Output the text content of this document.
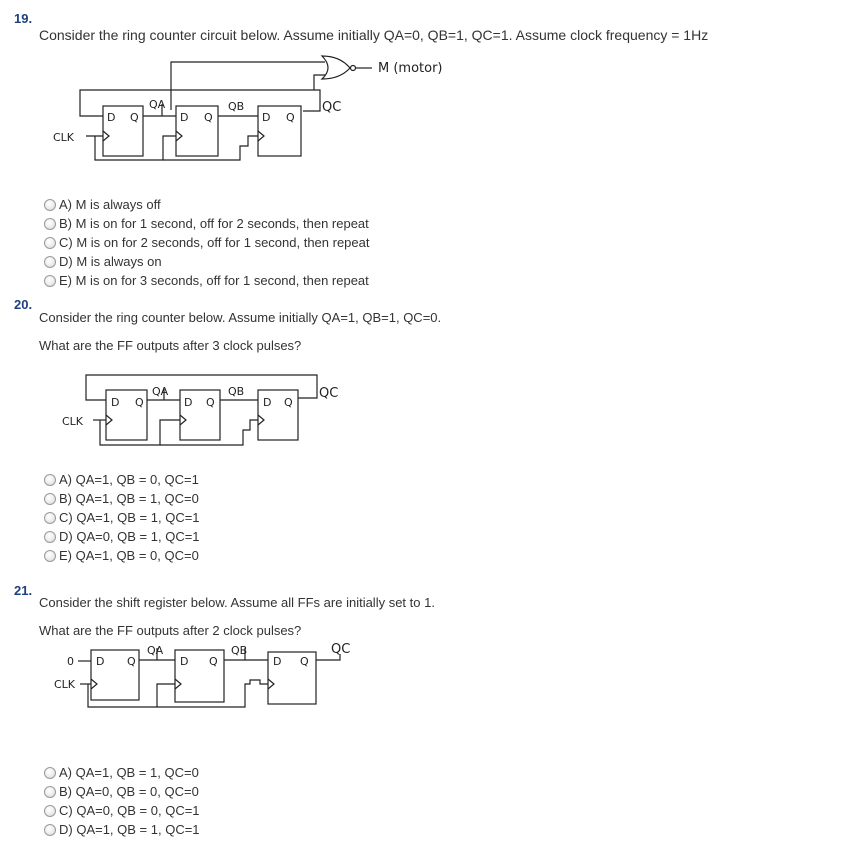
19.
Consider the ring counter circuit below. Assume initially QA=0, QB=1, QC=1. Assume clock frequency = 1Hz
D Q	D Q	D Q
QA	QB	QC
CLK
M (motor)
A) M is always off
B) M is on for 1 second, off for 2 seconds, then repeat
C) M is on for 2 seconds, off for 1 second, then repeat
D) M is always on
E) M is on for 3 seconds, off for 1 second, then repeat
20.
Consider the ring counter below. Assume initially QA=1, QB=1, QC=0.
What are the FF outputs after 3 clock pulses?
D Q	D Q	D Q
QA	QB	QC
CLK
A) QA=1, QB = 0, QC=1
B) QA=1, QB = 1, QC=0
C) QA=1, QB = 1, QC=1
D) QA=0, QB = 1, QC=1
E) QA=1, QB = 0, QC=0
21.
Consider the shift register below. Assume all FFs are initially set to 1.
What are the FF outputs after 2 clock pulses?
0 D Q	D Q	D Q
QA	QB	QC
CLK
A) QA=1, QB = 1, QC=0
B) QA=0, QB = 0, QC=0
C) QA=0, QB = 0, QC=1
D) QA=1, QB = 1, QC=1
